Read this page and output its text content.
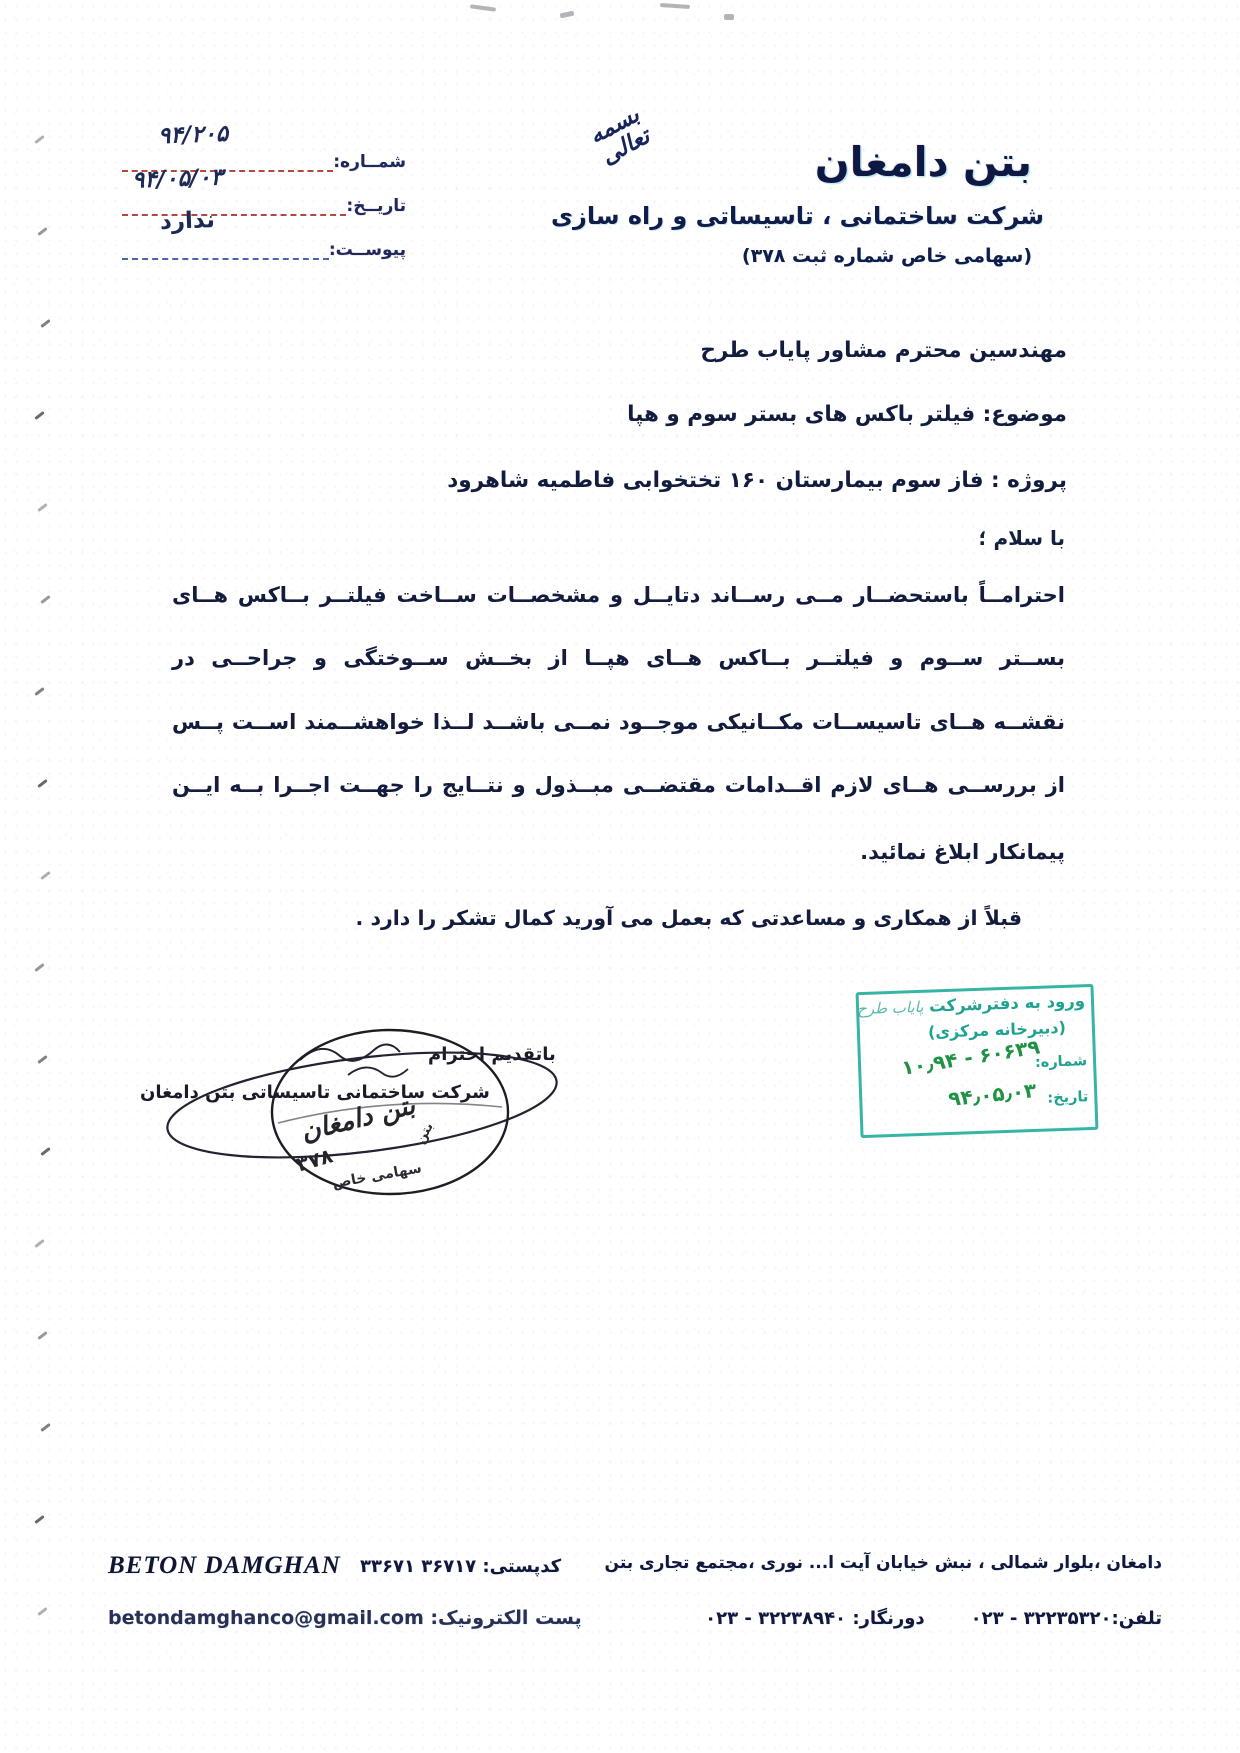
بتن دامغان
شرکت ساختمانی ، تاسیساتی و راه سازی
(سهامی خاص شماره ثبت ۳۷۸)
بسمه تعالی
شمــاره:
۹۴/۲۰۵
تاريــخ:
۹۴/۰۵/۰۳
پیوســت:
ندارد
مهندسین محترم مشاور پایاب طرح
موضوع: فیلتر باکس های بستر سوم و هپا
پروژه : فاز سوم بیمارستان ۱۶۰ تختخوابی فاطمیه شاهرود
با سلام ؛
احترامــاً باستحضــار مــی رســاند دتایــل و مشخصــات ســاخت فیلتــر بــاکس هــای
بســتر ســوم و فیلتــر بــاکس هــای هپــا از بخــش ســوختگی و جراحــی در
نقشــه هــای تاسیســات مکــانیکی موجــود نمــی باشــد لــذا خواهشــمند اســت پــس
از بررســی هــای لازم اقــدامات مقتضــی مبــذول و نتــایج را جهــت اجــرا بــه ایــن
پیمانکار ابلاغ نمائید.
قبلاً از همکاری و مساعدتی که بعمل می آورید کمال تشکر را دارد .
باتقدیم احترام
شرکت ساختمانی تاسیساتی بتن دامغان
بتن دامغان
۳۷۸
سهامی خاص
بتن
ورود به دفترشرکت پایاب طرح
(دبیرخانه مرکزی)
شماره:
تاریخ:
۶۰۶۳۹ - ۱۰٫۹۴
۹۴٫۰۵٫۰۳
BETON DAMGHAN کدپستی: ۳۶۷۱۷ ۳۳۶۷۱	دامغان ،بلوار شمالی ، نبش خیابان آیت ا... نوری ،مجتمع تجاری بتن
پست الکترونیک: betondamghanco@gmail.com	تلفن:۳۲۲۳۵۳۲۰ - ۰۲۳
دورنگار: ۳۲۲۳۸۹۴۰ - ۰۲۳
